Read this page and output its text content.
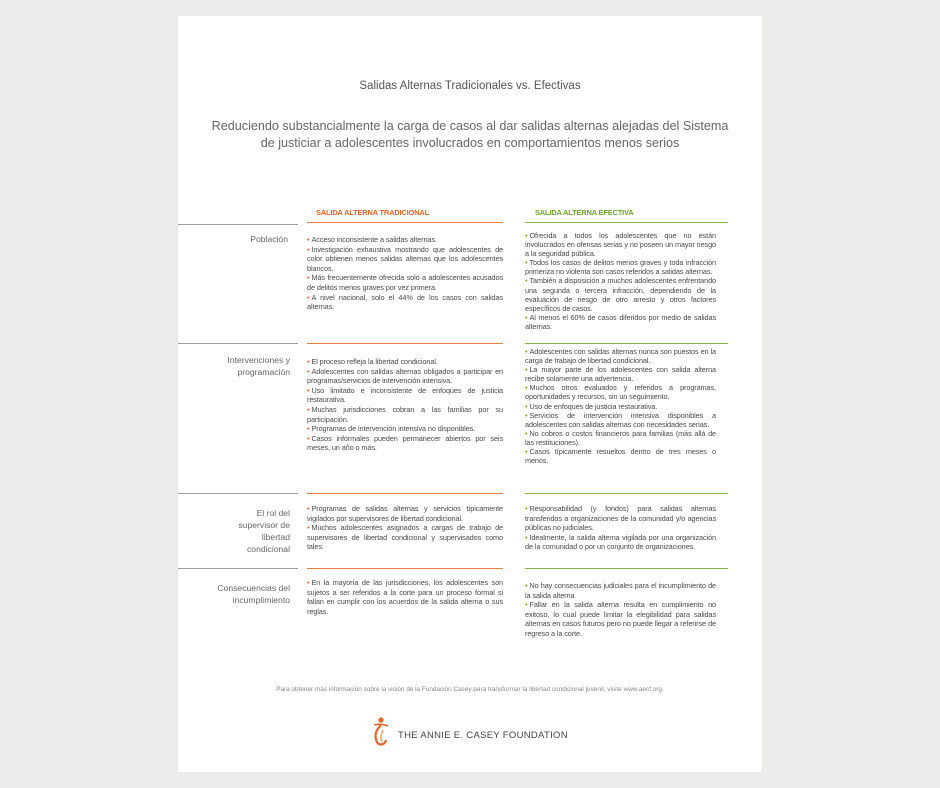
Salidas Alternas Tradicionales vs. Efectivas
Reduciendo substancialmente la carga de casos al dar salidas alternas alejadas del Sistema de justiciar a adolescentes involucrados en comportamientos menos serios
SALIDA ALTERNA TRADICIONAL	SALIDA ALTERNA EFECTIVA
Población	• Acceso inconsistente a salidas alternas.

• Investigación exhaustiva mostrando que adolescentes de color obtienen menos salidas alternas que los adolescentes blancos.

• Más frecuentemente ofrecida solo a adolescentes acusados de delitos menos graves por vez primera.

• A nivel nacional, solo el 44% de los casos con salidas alternas.

• Ofrecida a todos los adolescentes que no están involucrados en ofensas serias y no poseen un mayor riesgo a la seguridad pública.

• Todos los casos de delitos menos graves y toda infracción primeriza no violenta son casos referidos a salidas alternas.

• También a disposición a muchos adolescentes enfrentando una segunda o tercera infracción, dependiendo de la evaluación de riesgo de otro arresto y otros factores específicos de casos.

• Al menos el 60% de casos diferidos por medio de salidas alternas.

Intervenciones y programación

• El proceso refleja la libertad condicional.

• Adolescentes con salidas alternas obligados a participar en programas/servicios de intervención intensiva.

• Uso limitado e inconsistente de enfoques de justicia restaurativa.

• Muchas jurisdicciones cobran a las familias por su participación.

• Programas de intervención intensiva no disponibles.

• Casos informales pueden permanecer abiertos por seis meses, un año o más.

• Adolescentes con salidas alternas nunca son puestos en la carga de trabajo de libertad condicional.

• La mayor parte de los adolescentes con salida alterna recibe solamente una advertencia.

• Muchos otros evaluados y referidos a programas, oportunidades y recursos, sin un seguimiento.

• Uso de enfoques de justicia restaurativa.

• Servicios de intervención intensiva disponibles a adolescentes con salidas alternas con necesidades serias.

• No cobros o costos financieros para familias (más allá de las restituciones).

• Casos típicamente resueltos dentro de tres meses o menos.

El rol del supervisor de libertad condicional

• Programas de salidas alternas y servicios típicamente vigilados por supervisores de libertad condicional.

• Muchos adolescentes asignados a cargas de trabajo de supervisores de libertad condicional y supervisados como tales.

• Responsabilidad (y fondos) para salidas alternas transferidos a organizaciones de la comunidad y/o agencias públicas no judiciales.

• Idealmente, la salida alterna vigilada por una organización de la comunidad o por un conjunto de organizaciones.

Consecuencias del incumplimiento

• En la mayoría de las jurisdicciones, los adolescentes son sujetos a ser referidos a la corte para un proceso formal si fallan en cumplir con los acuerdos de la salida alterna o sus reglas.

• No hay consecuencias judiciales para el incumplimiento de la salida alterna

• Fallar en la salida alterna resulta en cumplimiento no exitoso, lo cual puede limitar la elegibilidad para salidas alternas en casos futuros pero no puede llegar a referirse de regreso a la corte.

Para obtener más información sobre la visión de la Fundación Casey para transformar la libertad condicional juvenil, visite www.aecf.org.
THE ANNIE E. CASEY FOUNDATION
